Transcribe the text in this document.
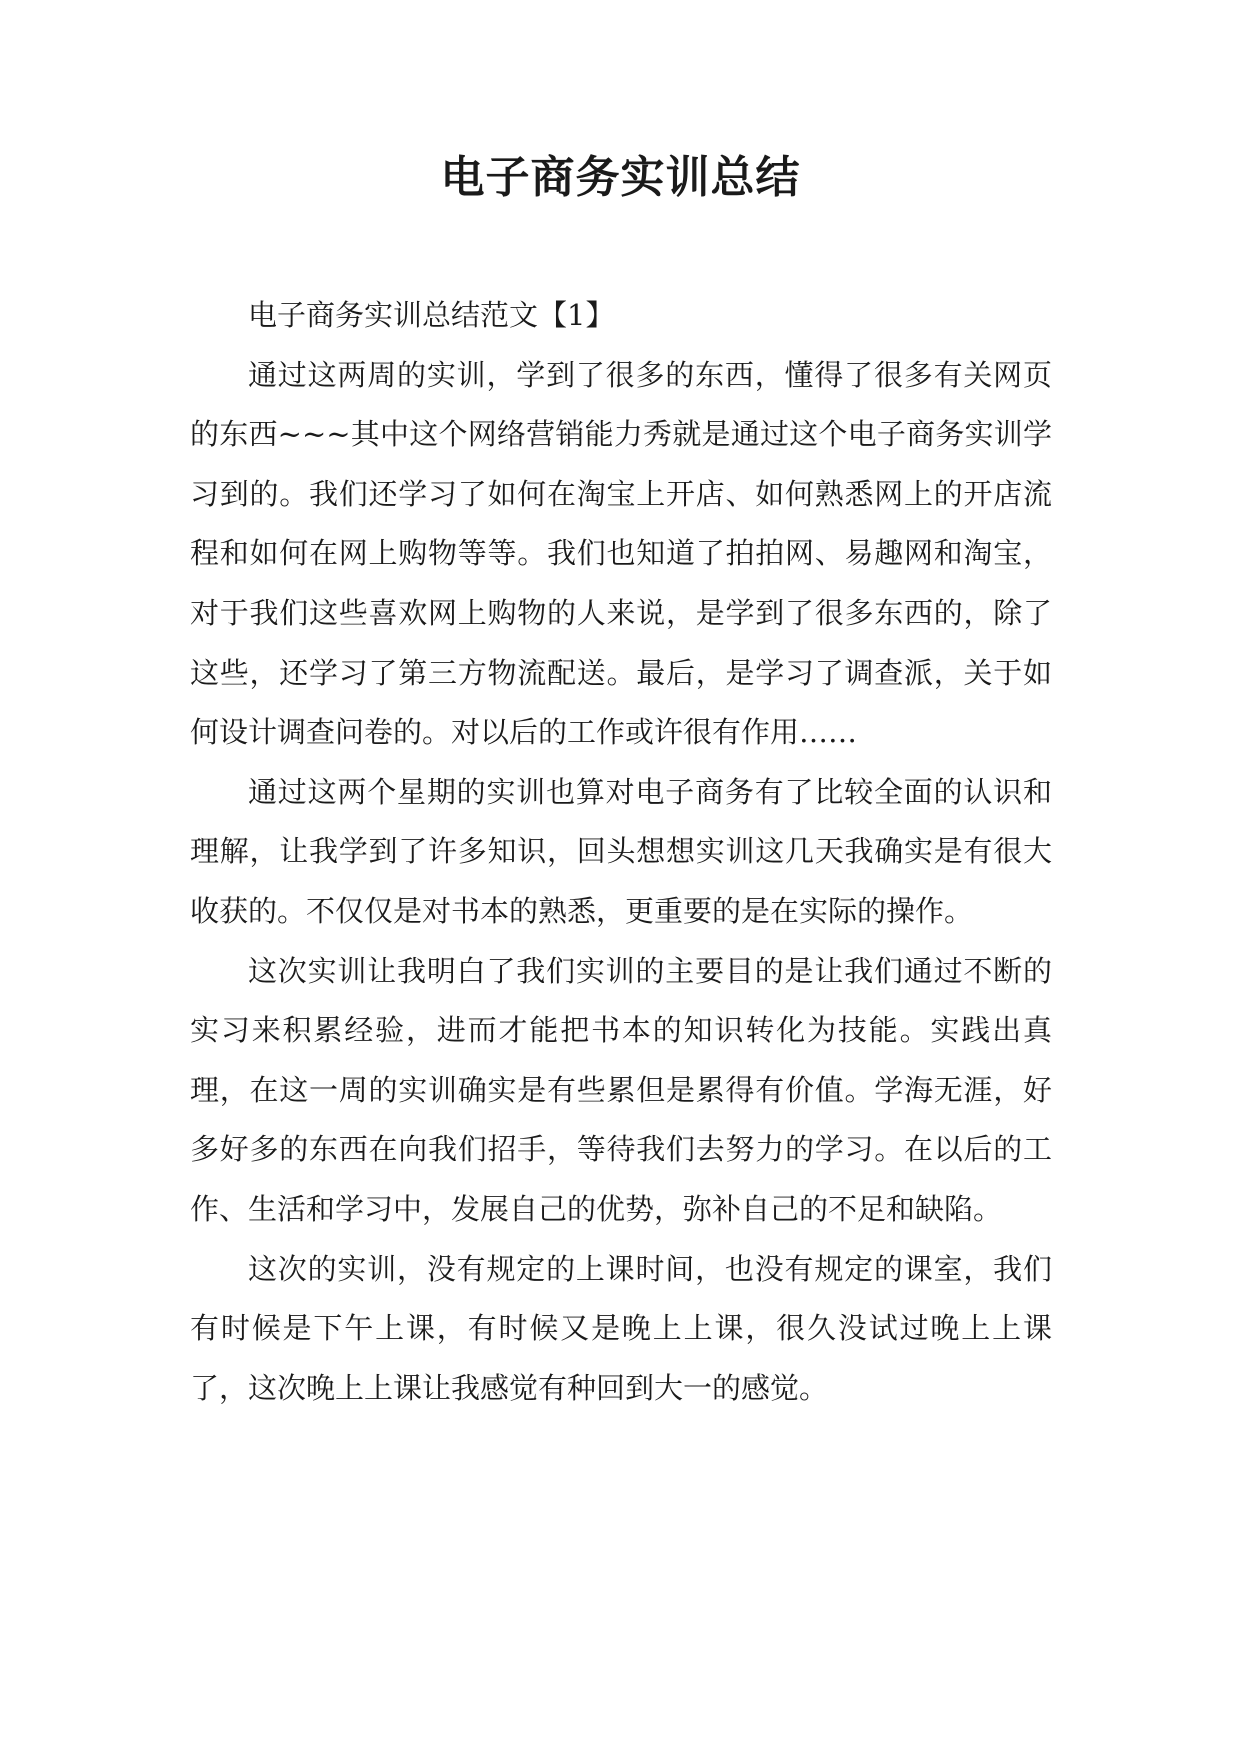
电子商务实训总结

电子商务实训总结范文【1】

通过这两周的实训，学到了很多的东西，懂得了很多有关网页的东西~~~其中这个网络营销能力秀就是通过这个电子商务实训学习到的。我们还学习了如何在淘宝上开店、如何熟悉网上的开店流程和如何在网上购物等等。我们也知道了拍拍网、易趣网和淘宝，对于我们这些喜欢网上购物的人来说，是学到了很多东西的，除了这些，还学习了第三方物流配送。最后，是学习了调查派，关于如何设计调查问卷的。对以后的工作或许很有作用……

通过这两个星期的实训也算对电子商务有了比较全面的认识和理解，让我学到了许多知识，回头想想实训这几天我确实是有很大收获的。不仅仅是对书本的熟悉，更重要的是在实际的操作。

这次实训让我明白了我们实训的主要目的是让我们通过不断的实习来积累经验，进而才能把书本的知识转化为技能。实践出真理，在这一周的实训确实是有些累但是累得有价值。学海无涯，好多好多的东西在向我们招手，等待我们去努力的学习。在以后的工作、生活和学习中，发展自己的优势，弥补自己的不足和缺陷。

这次的实训，没有规定的上课时间，也没有规定的课室，我们有时候是下午上课，有时候又是晚上上课，很久没试过晚上上课了，这次晚上上课让我感觉有种回到大一的感觉。
